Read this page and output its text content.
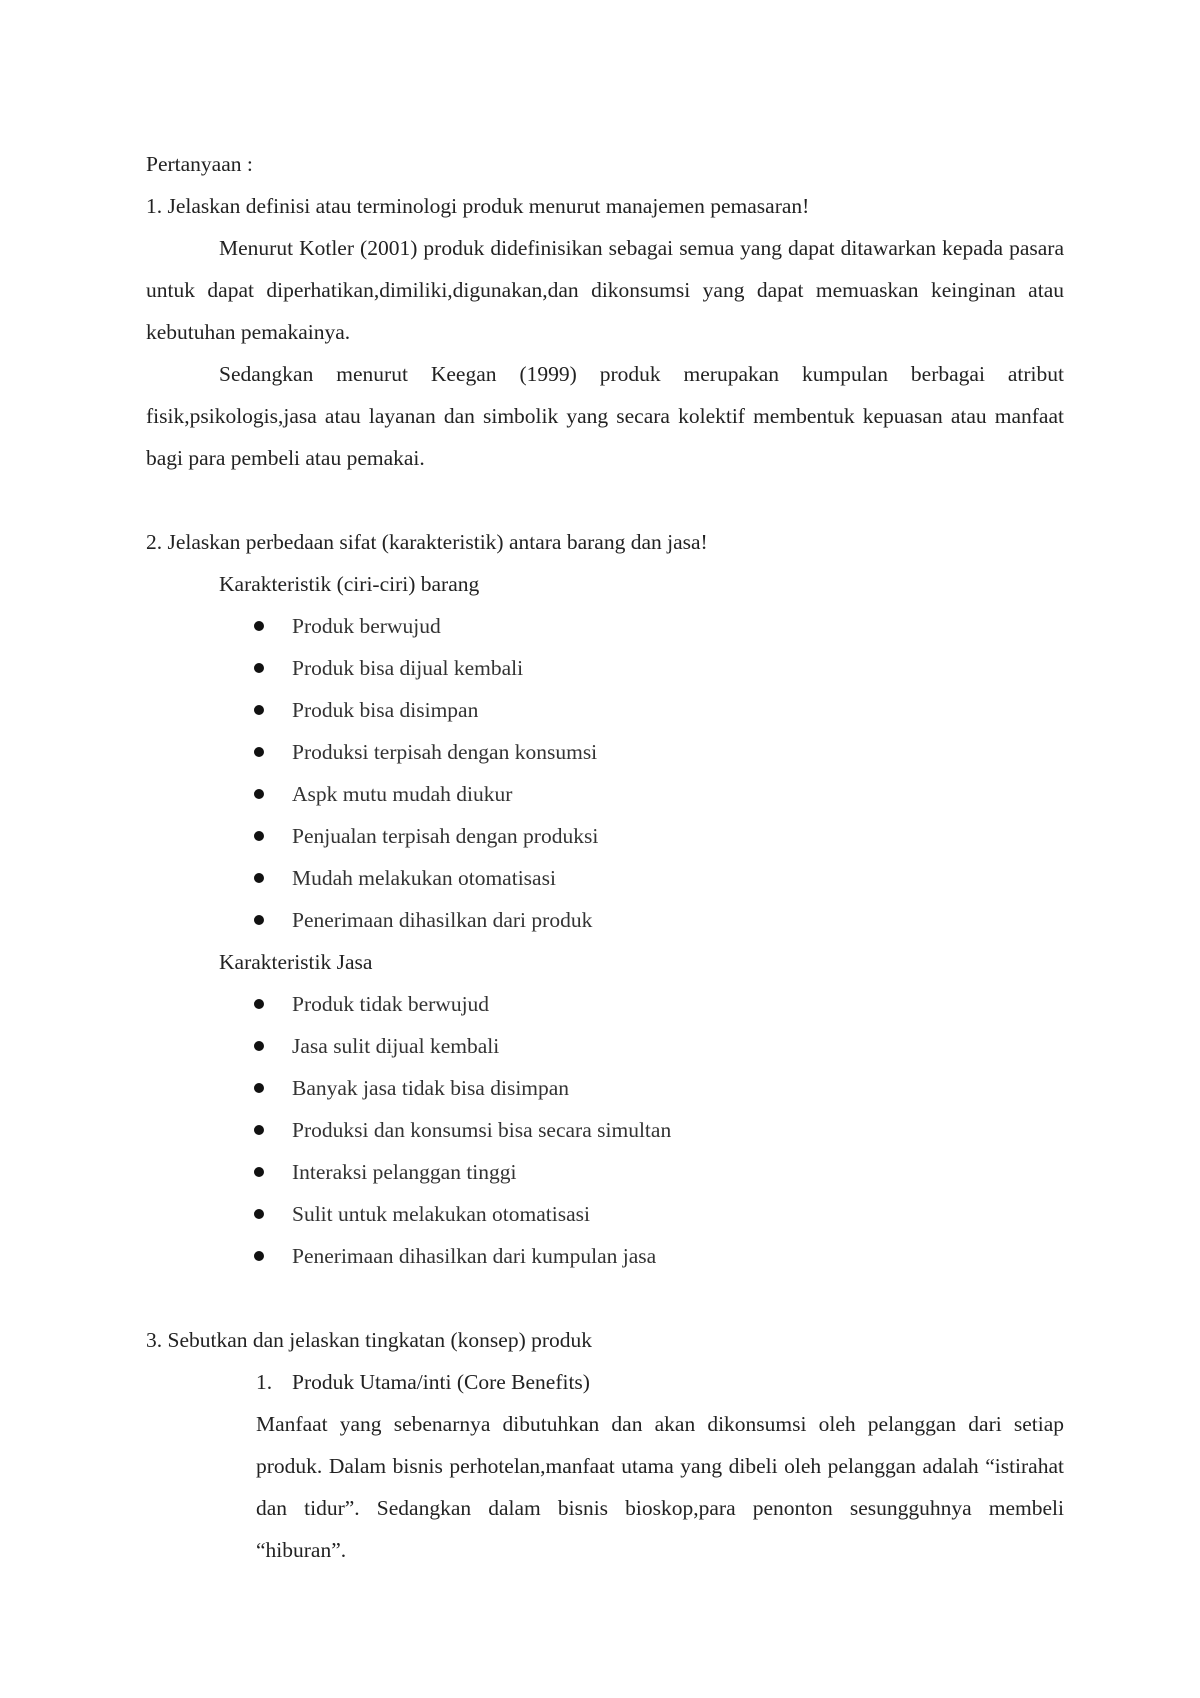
Pertanyaan :

1. Jelaskan definisi atau terminologi produk menurut manajemen pemasaran!

Menurut Kotler (2001) produk didefinisikan sebagai semua yang dapat ditawarkan kepada pasara untuk dapat diperhatikan,dimiliki,digunakan,dan dikonsumsi yang dapat memuaskan keinginan atau kebutuhan pemakainya.

Sedangkan menurut Keegan (1999) produk merupakan kumpulan berbagai atribut fisik,psikologis,jasa atau layanan dan simbolik yang secara kolektif membentuk kepuasan atau manfaat bagi para pembeli atau pemakai.

2. Jelaskan perbedaan sifat (karakteristik) antara barang dan jasa!

Karakteristik (ciri-ciri) barang

Produk berwujud
Produk bisa dijual kembali
Produk bisa disimpan
Produksi terpisah dengan konsumsi
Aspk mutu mudah diukur
Penjualan terpisah dengan produksi
Mudah melakukan otomatisasi
Penerimaan dihasilkan dari produk

Karakteristik Jasa

Produk tidak berwujud
Jasa sulit dijual kembali
Banyak jasa tidak bisa disimpan
Produksi dan konsumsi bisa secara simultan
Interaksi pelanggan tinggi
Sulit untuk melakukan otomatisasi
Penerimaan dihasilkan dari kumpulan jasa

3. Sebutkan dan jelaskan tingkatan (konsep) produk

1. Produk Utama/inti (Core Benefits)

Manfaat yang sebenarnya dibutuhkan dan akan dikonsumsi oleh pelanggan dari setiap produk. Dalam bisnis perhotelan,manfaat utama yang dibeli oleh pelanggan adalah “istirahat dan tidur”. Sedangkan dalam bisnis bioskop,para penonton sesungguhnya membeli “hiburan”.
